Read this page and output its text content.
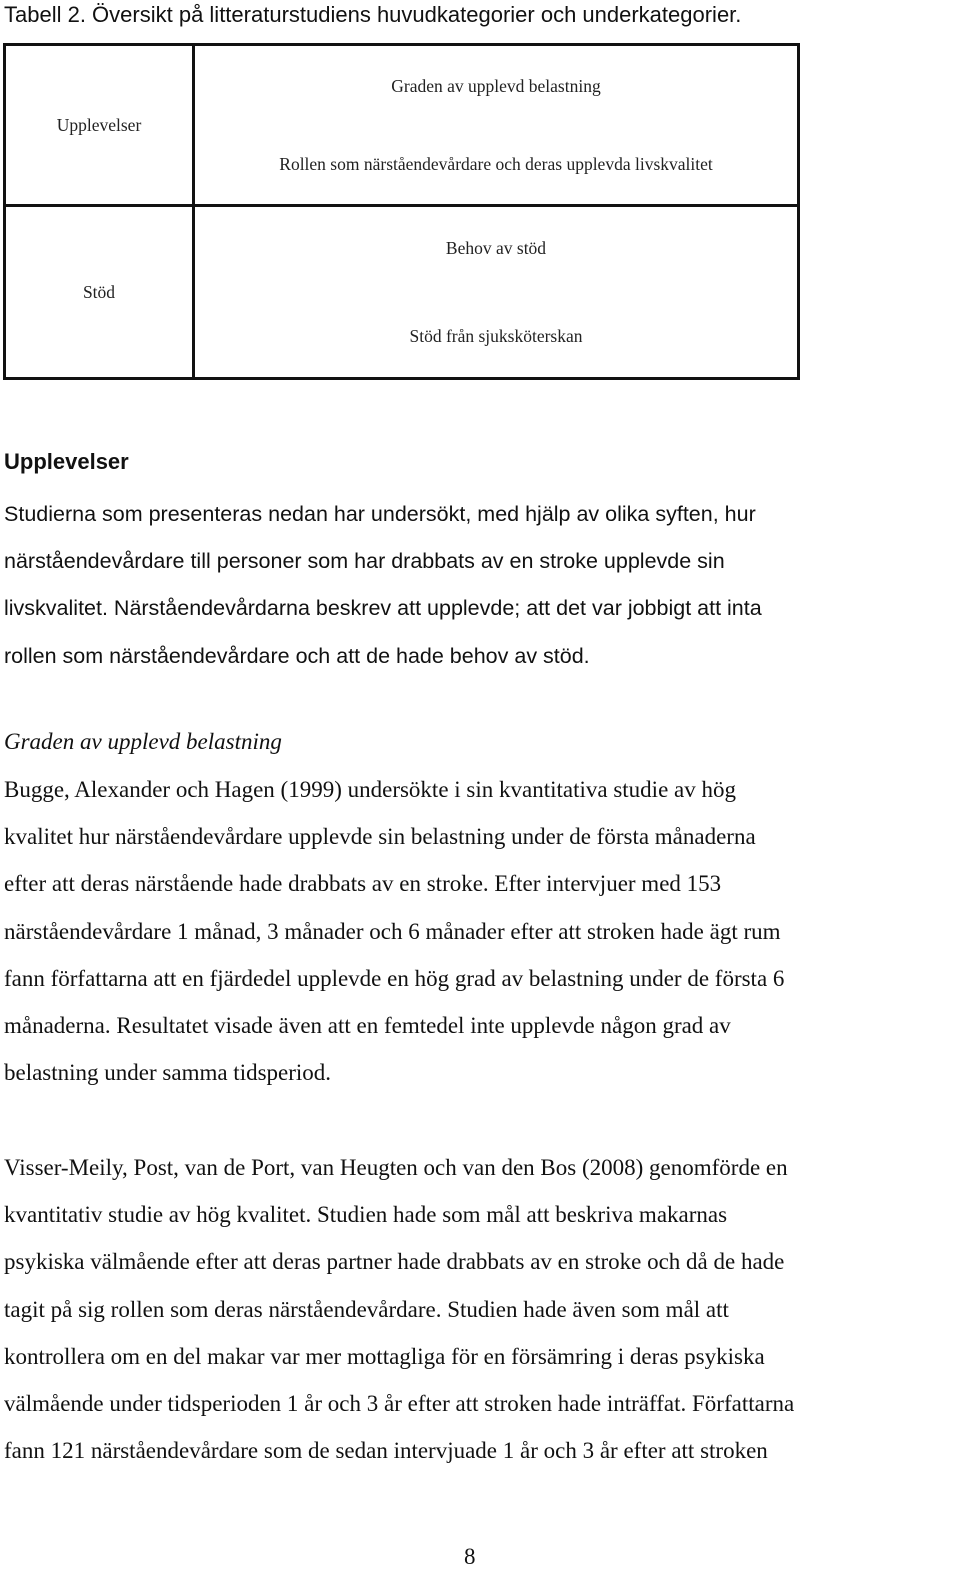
Tabell 2. Översikt på litteraturstudiens huvudkategorier och underkategorier.
Upplevelser	Graden av upplevd belastning
Rollen som närståendevårdare och deras upplevda livskvalitet

Stöd	Behov av stöd
Stöd från sjuksköterskan
Upplevelser
Studierna som presenteras nedan har undersökt, med hjälp av olika syften, hur
närståendevårdare till personer som har drabbats av en stroke upplevde sin
livskvalitet. Närståendevårdarna beskrev att upplevde; att det var jobbigt att inta
rollen som närståendevårdare och att de hade behov av stöd.
Graden av upplevd belastning
Bugge, Alexander och Hagen (1999) undersökte i sin kvantitativa studie av hög
kvalitet hur närståendevårdare upplevde sin belastning under de första månaderna
efter att deras närstående hade drabbats av en stroke. Efter intervjuer med 153
närståendevårdare 1 månad, 3 månader och 6 månader efter att stroken hade ägt rum
fann författarna att en fjärdedel upplevde en hög grad av belastning under de första 6
månaderna. Resultatet visade även att en femtedel inte upplevde någon grad av
belastning under samma tidsperiod.
Visser-Meily, Post, van de Port, van Heugten och van den Bos (2008) genomförde en
kvantitativ studie av hög kvalitet. Studien hade som mål att beskriva makarnas
psykiska välmående efter att deras partner hade drabbats av en stroke och då de hade
tagit på sig rollen som deras närståendevårdare. Studien hade även som mål att
kontrollera om en del makar var mer mottagliga för en försämring i deras psykiska
välmående under tidsperioden 1 år och 3 år efter att stroken hade inträffat. Författarna
fann 121 närståendevårdare som de sedan intervjuade 1 år och 3 år efter att stroken
8
